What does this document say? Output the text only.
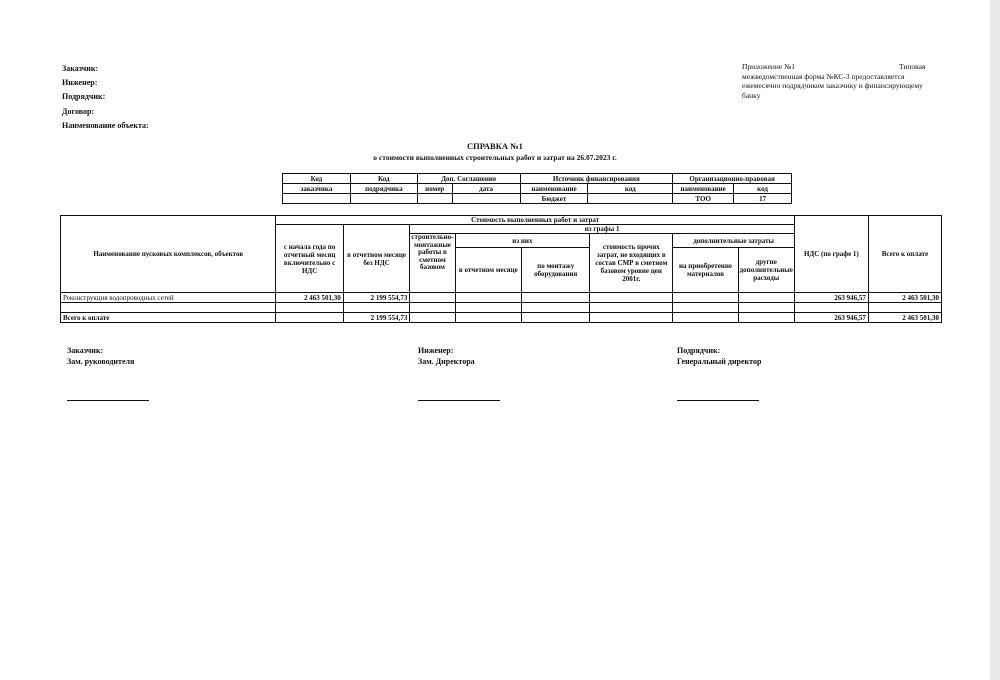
Заказчик:
Инженер:
Подрядчик:
Договор:
Наименование объекта:
Приложение №1	Типовая
межведомственная форма №КС-3 предоставляется
ежемесячно подрядчиком заказчику и финансирующему
банку
СПРАВКА №1
о стоимости выполненных строительных работ и затрат на 26.07.2023 г.
Код	Код	Доп. Соглашение		Источник финансирования		Организационно-правовая	
заказчика	подрядчика	номер	дата	наименование	код	наименование	код
				Бюджет		ТОО	17
Наименование пусковых комплексов, объектов	Стоимость выполненных работ и затрат								НДС (по графе 1)	Всего к оплате
	с начала года по отчетный месяц включительно с НДС	в отчетном месяце без НДС	из графы 1							

			строительно-монтажные работы в сметном базовом	из них		стоимость прочих затрат, не входящих в состав СМР в сметном базовом уровне цен 2001г.	дополнительные затраты			
				в отчетном месяце	по монтажу оборудования		на приобретение материалов	другие дополнительные расходы		
Реконструкция водопроводных сетей	2 463 501,30	2 199 554,73							263 946,57	2 463 501,30

Всего к оплате		2 199 554,73							263 946,57	2 463 501,30
Заказчик:
Зам. руководителя
Инженер:
Зам. Директора
Подрядчик:
Генеральный директор
